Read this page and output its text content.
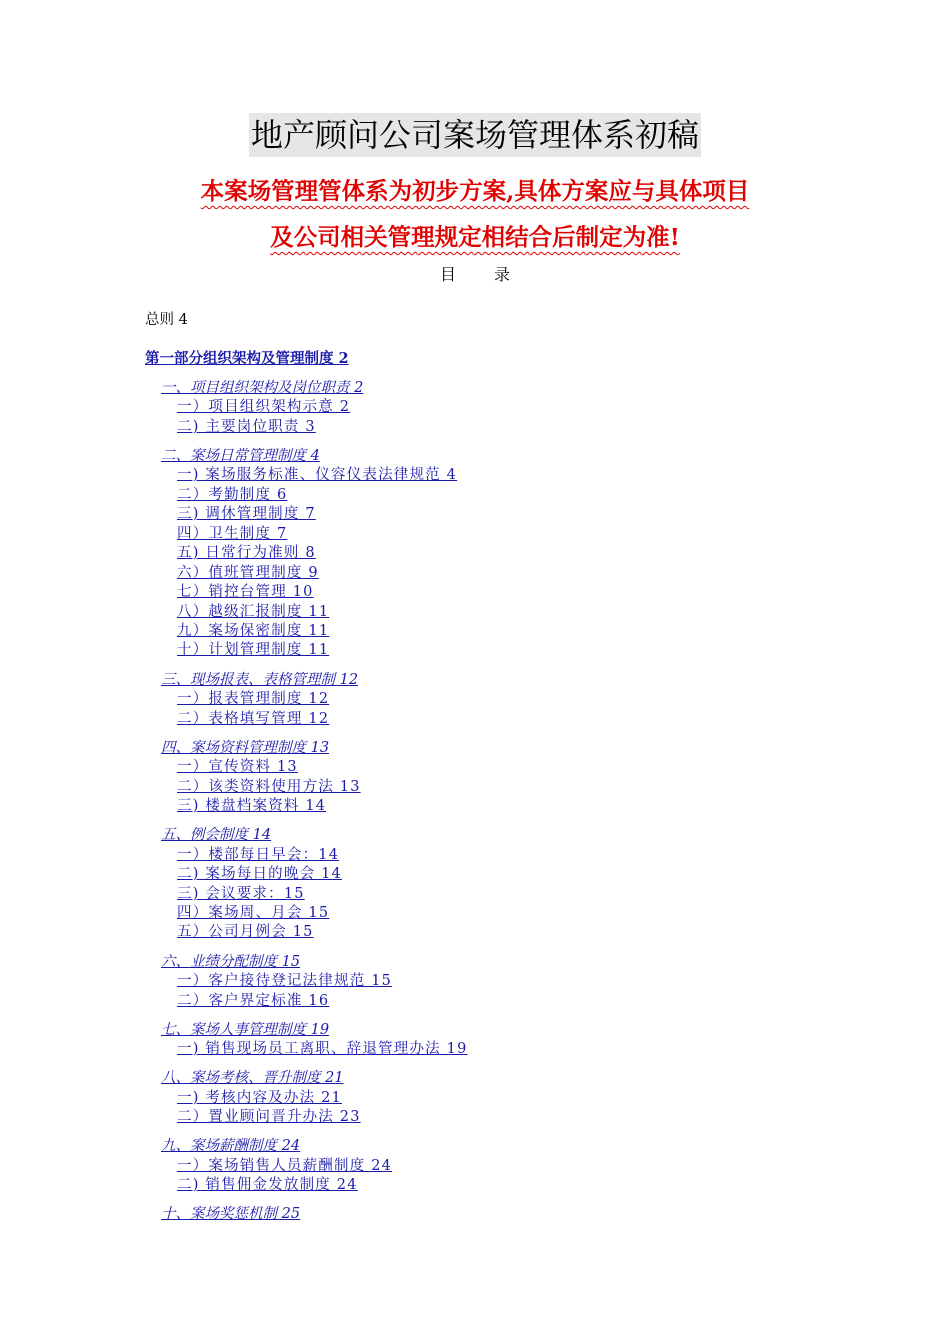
地产顾问公司案场管理体系初稿
本案场管理管体系为初步方案,具体方案应与具体项目
及公司相关管理规定相结合后制定为准!
目录
总则 4
第一部分组织架构及管理制度 2
一、项目组织架构及岗位职责 2
一）项目组织架构示意 2
二) 主要岗位职责 3
二、案场日常管理制度 4
一) 案场服务标准、仪容仪表法律规范 4
二）考勤制度 6
三) 调休管理制度 7
四）卫生制度 7
五) 日常行为准则 8
六）值班管理制度 9
七）销控台管理 10
八）越级汇报制度 11
九）案场保密制度 11
十）计划管理制度 11
三、现场报表、表格管理制 12
一）报表管理制度 12
二）表格填写管理 12
四、案场资料管理制度 13
一）宣传资料 13
二）该类资料使用方法 13
三) 楼盘档案资料 14
五、例会制度 14
一）楼部每日早会：14
二) 案场每日的晚会 14
三) 会议要求：15
四）案场周、月会 15
五）公司月例会 15
六、业绩分配制度 15
一）客户接待登记法律规范 15
二）客户界定标准 16
七、案场人事管理制度 19
一) 销售现场员工离职、辞退管理办法 19
八、案场考核、晋升制度 21
一) 考核内容及办法 21
二）置业顾问晋升办法 23
九、案场薪酬制度 24
一）案场销售人员薪酬制度 24
二) 销售佣金发放制度 24
十、案场奖惩机制 25
